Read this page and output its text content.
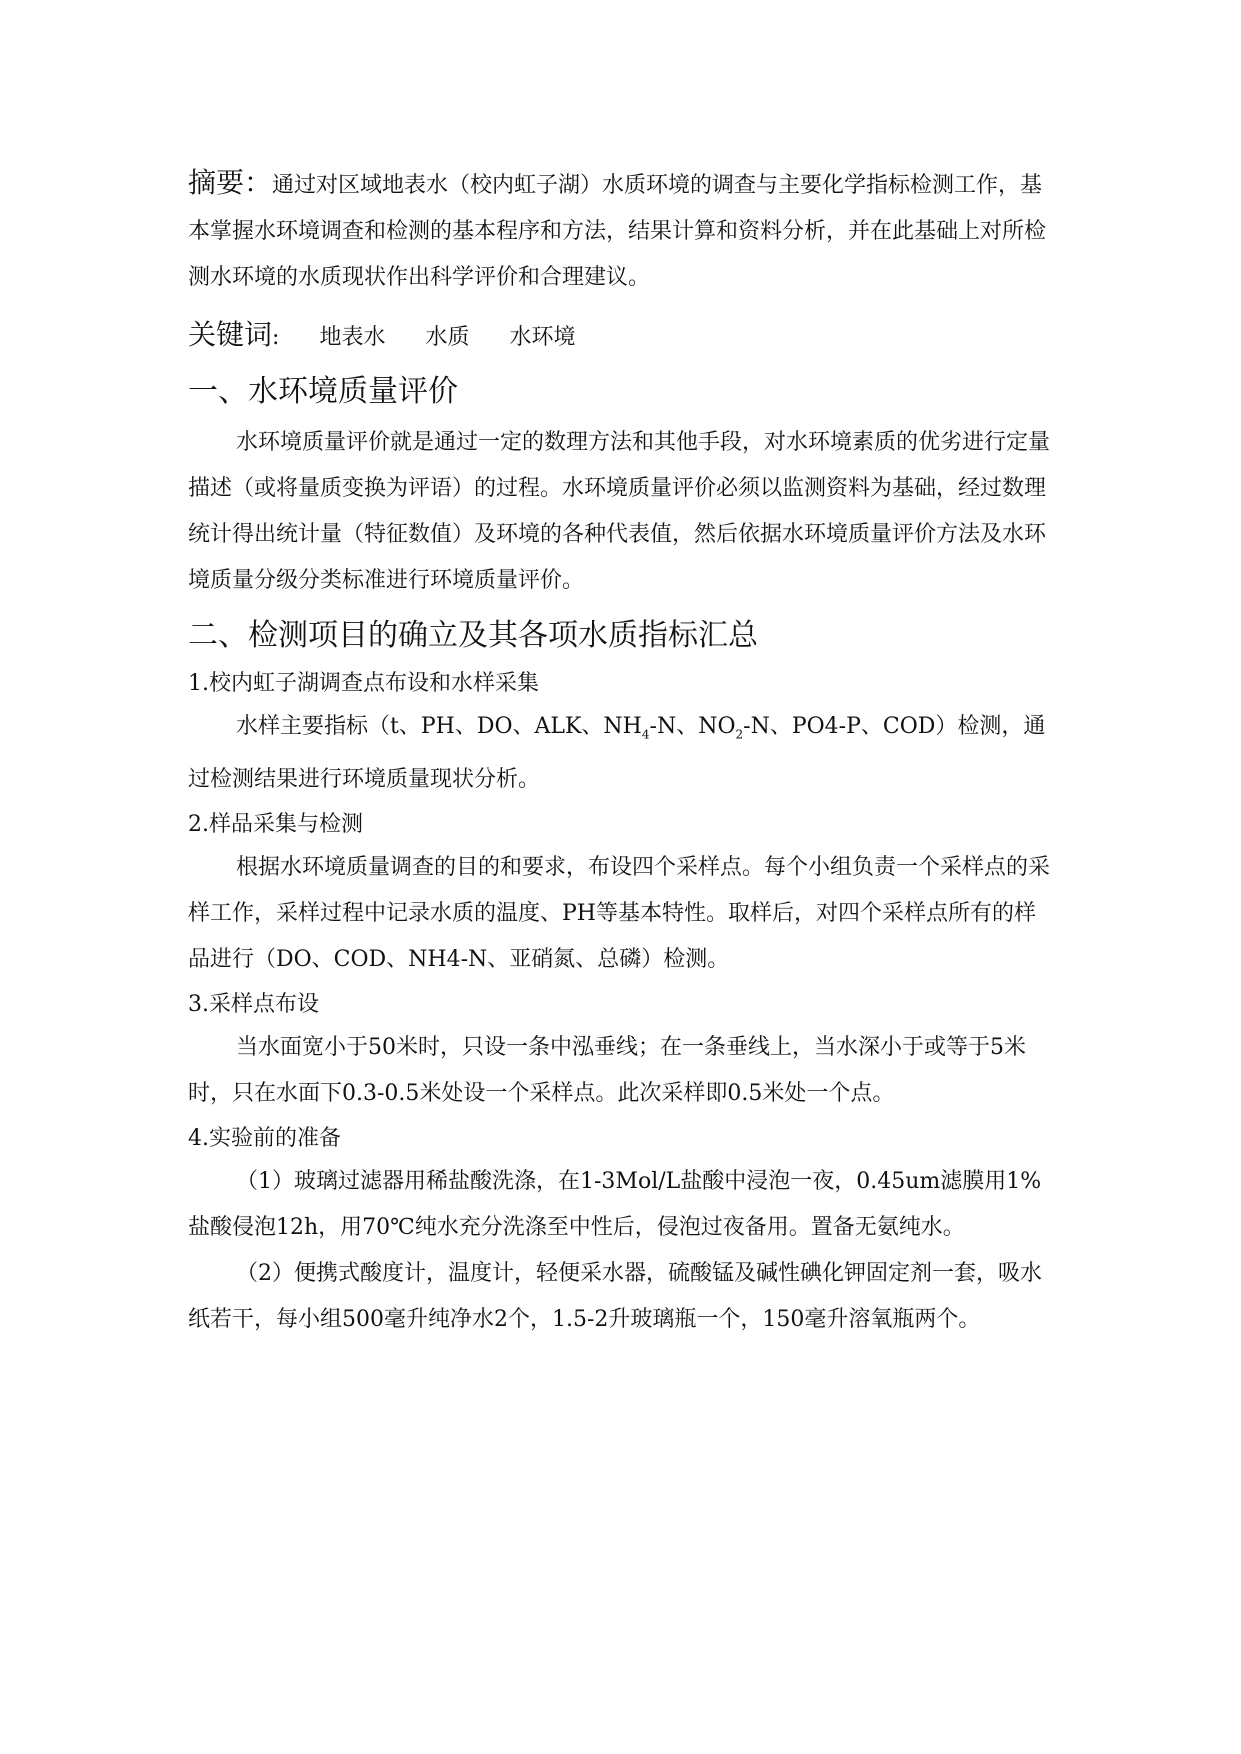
摘要：通过对区域地表水（校内虹子湖）水质环境的调查与主要化学指标检测工作，基本掌握水环境调查和检测的基本程序和方法，结果计算和资料分析，并在此基础上对所检测水环境的水质现状作出科学评价和合理建议。

关键词: 地表水 水质 水环境

一、水环境质量评价

水环境质量评价就是通过一定的数理方法和其他手段，对水环境素质的优劣进行定量描述（或将量质变换为评语）的过程。水环境质量评价必须以监测资料为基础，经过数理统计得出统计量（特征数值）及环境的各种代表值，然后依据水环境质量评价方法及水环境质量分级分类标准进行环境质量评价。

二、检测项目的确立及其各项水质指标汇总

1.校内虹子湖调查点布设和水样采集

水样主要指标（t、PH、DO、ALK、$NH_4-N$、$NO_2-N$、PO4-P、COD）检测，通过检测结果进行环境质量现状分析。

2.样品采集与检测

根据水环境质量调查的目的和要求，布设四个采样点。每个小组负责一个采样点的采样工作，采样过程中记录水质的温度、PH等基本特性。取样后，对四个采样点所有的样品进行（DO、COD、NH4-N、亚硝氮、总磷）检测。

3.采样点布设

当水面宽小于50米时，只设一条中泓垂线；在一条垂线上，当水深小于或等于5米时，只在水面下0.3-0.5米处设一个采样点。此次采样即0.5米处一个点。

4.实验前的准备

（1）玻璃过滤器用稀盐酸洗涤，在1-3Mol/L盐酸中浸泡一夜，0.45um滤膜用1%盐酸侵泡12h，用70℃纯水充分洗涤至中性后，侵泡过夜备用。置备无氨纯水。

（2）便携式酸度计，温度计，轻便采水器，硫酸锰及碱性碘化钾固定剂一套，吸水纸若干，每小组500毫升纯净水2个，1.5-2升玻璃瓶一个，150毫升溶氧瓶两个。
